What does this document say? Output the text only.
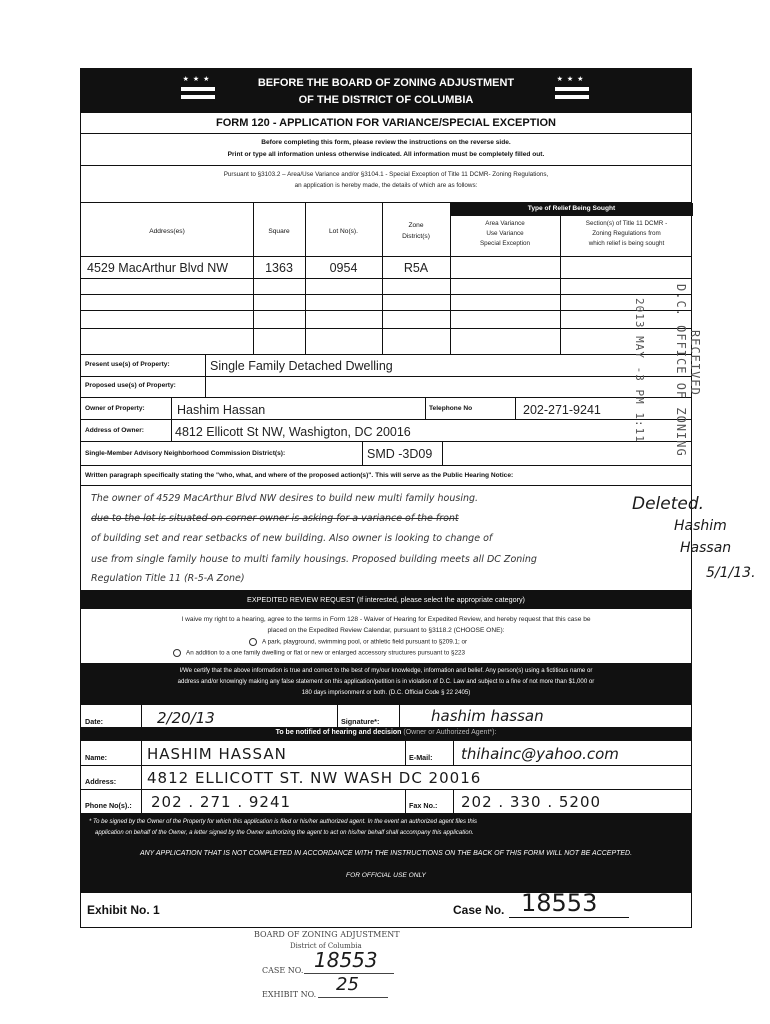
★★★	★★★
BEFORE THE BOARD OF ZONING ADJUSTMENT
OF THE DISTRICT OF COLUMBIA
FORM 120 - APPLICATION FOR VARIANCE/SPECIAL EXCEPTION
Before completing this form, please review the instructions on the reverse side.
Print or type all information unless otherwise indicated. All information must be completely filled out.
Pursuant to §3103.2 – Area/Use Variance and/or §3104.1 - Special Exception of Title 11 DCMR- Zoning Regulations,
an application is hereby made, the details of which are as follows:
Type of Relief Being Sought
Address(es)	Square	Lot No(s).
Zone
District(s)
Area Variance
Use Variance
Special Exception
Section(s) of Title 11 DCMR -
Zoning Regulations from
which relief is being sought
4529 MacArthur Blvd NW	1363	0954	R5A
Present use(s) of Property:	Single Family Detached Dwelling
Proposed use(s) of Property:
Owner of Property:	Hashim Hassan	Telephone No	202-271-9241
Address of Owner: 4812 Ellicott St NW, Washigton, DC 20016
Single-Member Advisory Neighborhood Commission District(s):	SMD -3D09
Written paragraph specifically stating the "who, what, and where of the proposed action(s)". This will serve as the Public Hearing Notice:
The owner of 4529 MacArthur Blvd NW desires to build new multi family housing.
due to the lot is situated on corner owner is asking for a variance of the front
of building set and rear setbacks of new building. Also owner is looking to change of
use from single family house to multi family housings. Proposed building meets all DC Zoning
Regulation Title 11 (R-5-A Zone)
EXPEDITED REVIEW REQUEST (If interested, please select the appropriate category)
I waive my right to a hearing, agree to the terms in Form 128 - Waiver of Hearing for Expedited Review, and hereby request that this case be
placed on the Expedited Review Calendar, pursuant to §3118.2 (CHOOSE ONE):
A park, playground, swimming pool, or athletic field pursuant to §209.1; or
An addition to a one family dwelling or flat or new or enlarged accessory structures pursuant to §223
I/We certify that the above information is true and correct to the best of my/our knowledge, information and belief. Any person(s) using a fictitious name or
address and/or knowingly making any false statement on this application/petition is in violation of D.C. Law and subject to a fine of not more than $1,000 or
180 days imprisonment or both. (D.C. Official Code § 22 2405)
Date:	2/20/13	Signature*:	hashim hassan
To be notified of hearing and decision (Owner or Authorized Agent*):
Name:	HASHIM HASSAN	E-Mail: thihainc@yahoo.com
Address: 4812 ELLICOTT ST. NW WASH DC 20016
Phone No(s).: 202 . 271 . 9241	Fax No.: 202 . 330 . 5200
* To be signed by the Owner of the Property for which this application is filed or his/her authorized agent. In the event an authorized agent files this
application on behalf of the Owner, a letter signed by the Owner authorizing the agent to act on his/her behalf shall accompany this application.
ANY APPLICATION THAT IS NOT COMPLETED IN ACCORDANCE WITH THE INSTRUCTIONS ON THE BACK OF THIS FORM WILL NOT BE ACCEPTED.
FOR OFFICIAL USE ONLY
Exhibit No. 1	Case No. 18553
Deleted.
Hashim
Hassan
5/1/13.
RECEIVED
D.C. OFFICE OF ZONING
2013 MAY -3 PM 1:11
BOARD OF ZONING ADJUSTMENT
District of Columbia
CASE NO. 18553
EXHIBIT NO. 25
